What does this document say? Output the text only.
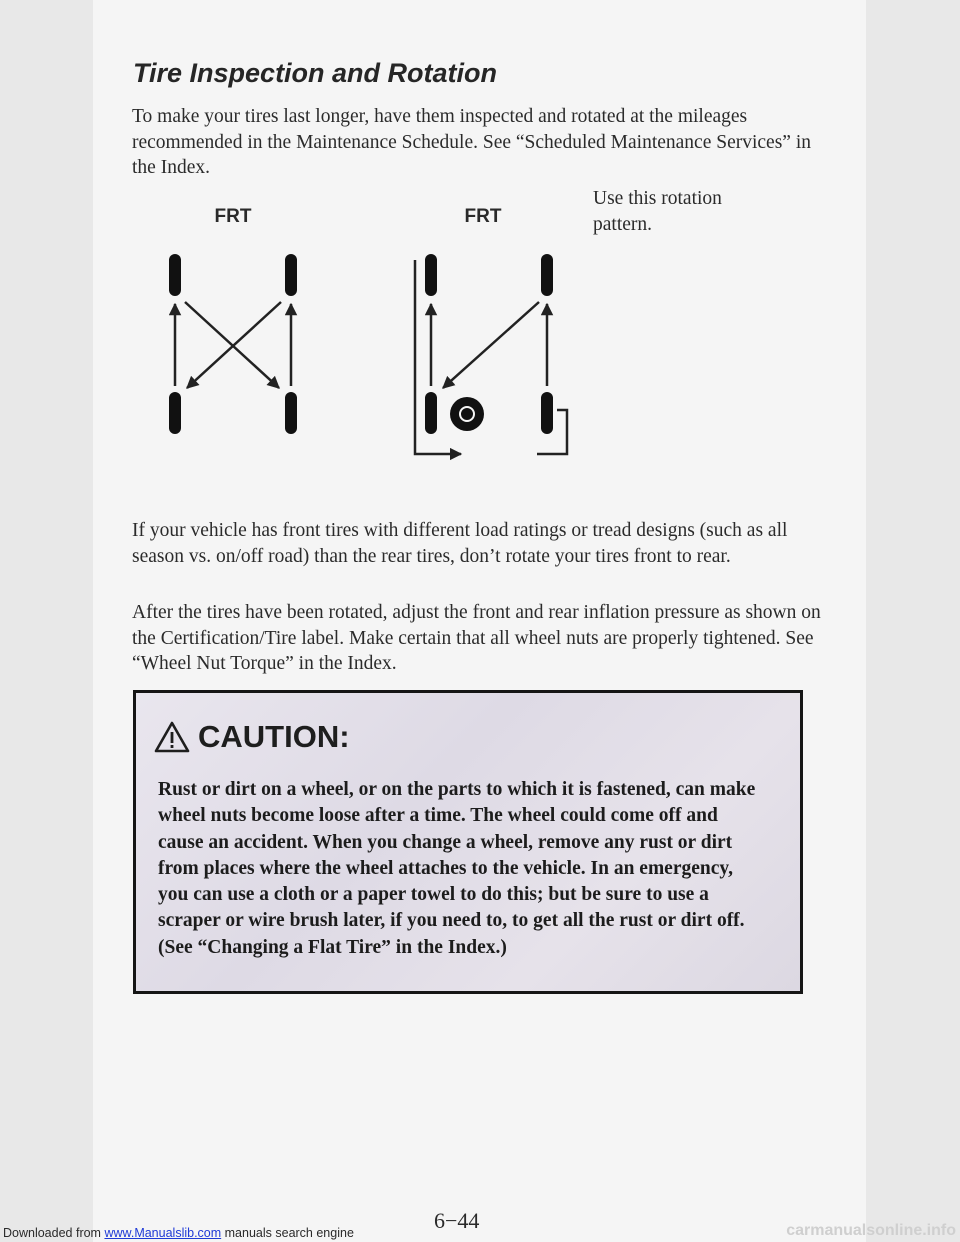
Tire Inspection and Rotation

To make your tires last longer, have them inspected and rotated at the mileages recommended in the Maintenance Schedule. See “Scheduled Maintenance Services” in the Index.

FRT	FRT

Use this rotation pattern.

If your vehicle has front tires with different load ratings or tread designs (such as all season vs. on/off road) than the rear tires, don’t rotate your tires front to rear.

After the tires have been rotated, adjust the front and rear inflation pressure as shown on the Certification/Tire label. Make certain that all wheel nuts are properly tightened. See “Wheel Nut Torque” in the Index.

CAUTION:

Rust or dirt on a wheel, or on the parts to which it is fastened, can make wheel nuts become loose after a time. The wheel could come off and cause an accident. When you change a wheel, remove any rust or dirt from places where the wheel attaches to the vehicle. In an emergency, you can use a cloth or a paper towel to do this; but be sure to use a scraper or wire brush later, if you need to, to get all the rust or dirt off. (See “Changing a Flat Tire” in the Index.)

6−44

Downloaded from www.Manualslib.com manuals search engine	carmanualsonline.info
